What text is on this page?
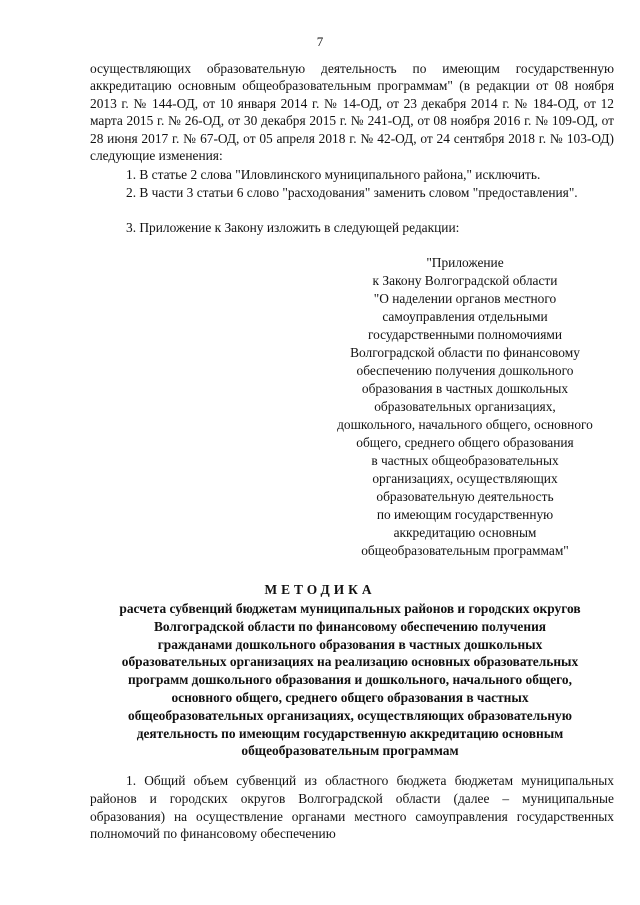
7
осуществляющих образовательную деятельность по имеющим государственную аккредитацию основным общеобразовательным программам" (в редакции от 08 ноября 2013 г. № 144-ОД, от 10 января 2014 г. № 14-ОД, от 23 декабря 2014 г. № 184-ОД, от 12 марта 2015 г. № 26-ОД, от 30 декабря 2015 г. № 241-ОД, от 08 ноября 2016 г. № 109-ОД, от 28 июня 2017 г. № 67-ОД, от 05 апреля 2018 г. № 42-ОД, от 24 сентября 2018 г. № 103-ОД) следующие изменения:
1. В статье 2 слова "Иловлинского муниципального района," исключить.
2. В части 3 статьи 6 слово "расходования" заменить словом "предоставления".
3. Приложение к Закону изложить в следующей редакции:
"Приложение
к Закону Волгоградской области
"О наделении органов местного
самоуправления отдельными
государственными полномочиями
Волгоградской области по финансовому
обеспечению получения дошкольного
образования в частных дошкольных
образовательных организациях,
дошкольного, начального общего, основного
общего, среднего общего образования
в частных общеобразовательных
организациях, осуществляющих
образовательную деятельность
по имеющим государственную
аккредитацию основным
общеобразовательным программам"
МЕТОДИКА
расчета субвенций бюджетам муниципальных районов и городских округов
Волгоградской области по финансовому обеспечению получения
гражданами дошкольного образования в частных дошкольных
образовательных организациях на реализацию основных образовательных
программ дошкольного образования и дошкольного, начального общего,
основного общего, среднего общего образования в частных
общеобразовательных организациях, осуществляющих образовательную
деятельность по имеющим государственную аккредитацию основным
общеобразовательным программам
1. Общий объем субвенций из областного бюджета бюджетам муниципальных районов и городских округов Волгоградской области (далее – муниципальные образования) на осуществление органами местного самоуправления государственных полномочий по финансовому обеспечению
